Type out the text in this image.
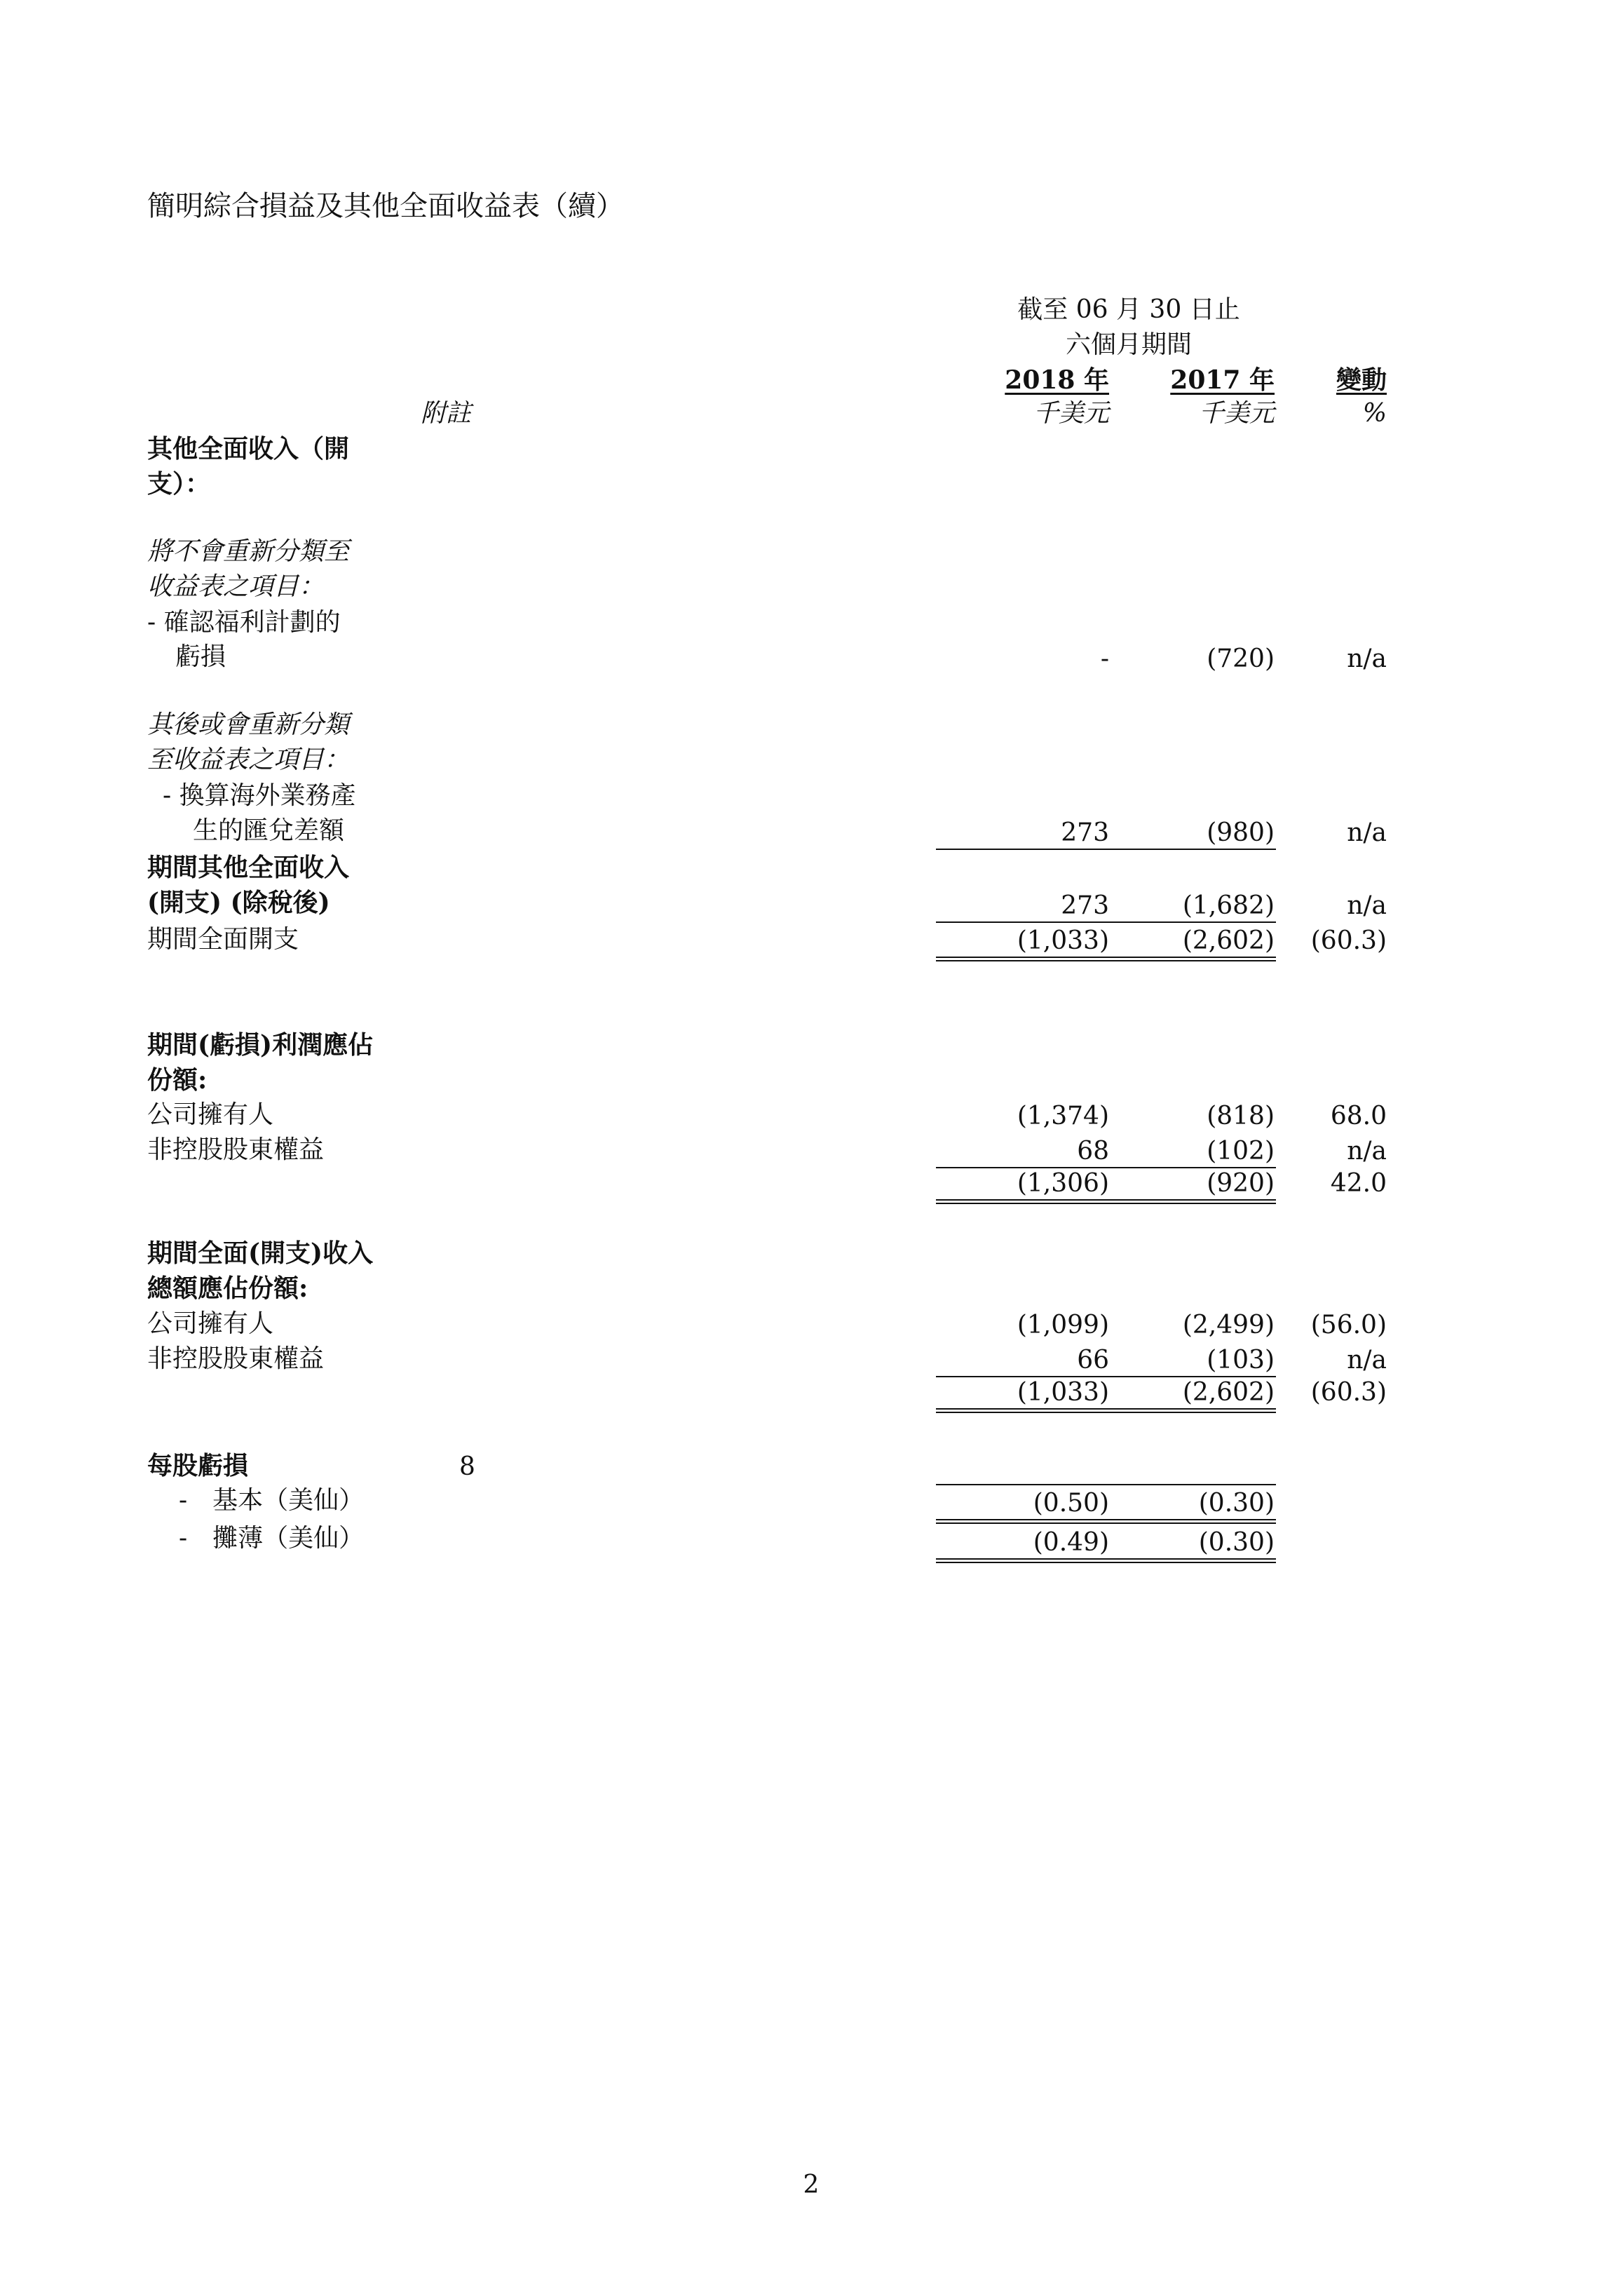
簡明綜合損益及其他全面收益表（續）
截至 06 月 30 日止
六個月期間
2018 年	2017 年	變動
附註	千美元	千美元	%
其他全面收入（開
支）：
將不會重新分類至
收益表之項目：
- 確認福利計劃的
虧損	-	(720)	n/a
其後或會重新分類
至收益表之項目：
- 換算海外業務產
生的匯兌差額	273	(980)	n/a
期間其他全面收入
(開支) (除稅後)	273	(1,682)	n/a
期間全面開支	(1,033)	(2,602)	(60.3)
期間(虧損)利潤應佔
份額:
公司擁有人	(1,374)	(818)	68.0
非控股股東權益	68	(102)	n/a
(1,306)	(920)	42.0
期間全面(開支)收入
總額應佔份額:
公司擁有人	(1,099)	(2,499)	(56.0)
非控股股東權益	66	(103)	n/a
(1,033)	(2,602)	(60.3)
每股虧損	8
-　基本（美仙）	(0.50)	(0.30)
-　攤薄（美仙）	(0.49)	(0.30)
2
